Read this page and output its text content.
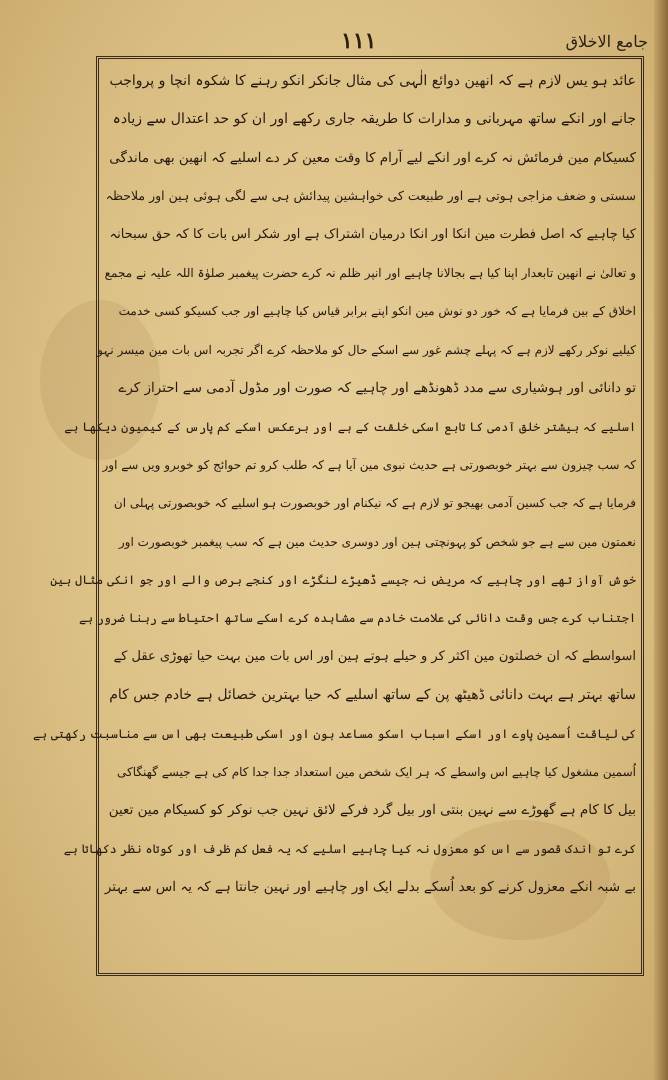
۱۱۱	جامع الاخلاق
عائد ہو یس لازم ہے کہ انھین دوائع الٰہی کی مثال جانکر انکو رہنے کا شکوہ انچا و پرواجب
جانے اور انکے ساتھ مہربانی و مدارات کا طریقہ جاری رکھے اور ان کو حد اعتدال سے زیادہ
کسیکام مین فرمائش نہ کرے اور انکے لیے آرام کا وقت معین کر دے اسلیے کہ انھین بھی ماندگی
سستی و ضعف مزاجی ہوتی ہے اور طبیعت کی خواہشین پیدائش ہی سے لگی ہوئی ہین اور ملاحظہ
کیا چاہیے کہ اصل فطرت مین انکا اور انکا درمیان اشتراک ہے اور شکر اس بات کا کہ حق سبحانہ
و تعالیٰ نے انھین تابعدار اپنا کیا ہے بجالانا چاہیے اور انپر ظلم نہ کرے حضرت پیغمبر صلوٰۃ اللہ علیہ نے مجمع
اخلاق کے بین فرمایا ہے کہ خور دو نوش مین انکو اپنے برابر قیاس کیا چاہیے اور جب کسیکو کسی خدمت
کیلیے نوکر رکھے لازم ہے کہ پہلے چشم غور سے اسکے حال کو ملاحظہ کرے اگر تجربہ اس بات مین میسر نہو
تو دانائی اور ہوشیاری سے مدد ڈھونڈھے اور چاہیے کہ صورت اور مڈول آدمی سے احتراز کرے
اسلیے کہ بیشتر خلق آدمی کا تابع اسکی خلقت کے ہے اور برعکس اسکے کم پارس کے کیمیون دیکھا ہے
کہ سب چیزون سے بہتر خوبصورتی ہے حدیث نبوی مین آیا ہے کہ طلب کرو تم حوائج کو خوبرو ویں سے اور
فرمایا ہے کہ جب کسین آدمی بھیجو تو لازم ہے کہ نیکنام اور خوبصورت ہو اسلیے کہ خوبصورتی پہلی ان
نعمتون مین سے ہے جو شخص کو پہونچتی ہین اور دوسری حدیث مین ہے کہ سب پیغمبر خوبصورت اور
خوش آواز تھے اور چاہیے کہ مریض نہ جیسے ڈھیڑے لنگڑے اور کنجے برص والے اور جو انکی مثال ہین
اجتناب کرے جس وقت دانائی کی علامت خادم سے مشاہدہ کرے اسکے ساتھ احتیاط سے رہنا ضرور ہے
اسواسطے کہ ان خصلتون مین اکثر کر و حیلے ہوتے ہین اور اس بات مین بہت حیا تھوڑی عقل کے
ساتھ بہتر ہے بہت دانائی ڈھیٹھ پن کے ساتھ اسلیے کہ حیا بہترین خصائل ہے خادم جس کام
کی لیاقت اُسمین پاوے اور اسکے اسباب اسکو مساعد ہون اور اسکی طبیعت بھی اس سے مناسبت رکھتی ہے
اُسمین مشغول کیا چاہیے اس واسطے کہ ہر ایک شخص مین استعداد جدا جدا کام کی ہے جیسے گھنگاکی
بیل کا کام ہے گھوڑے سے نہین بنتی اور بیل گرد فرکے لائق نہین جب نوکر کو کسیکام مین تعین
کرے تو اندک قصور سے اس کو معزول نہ کیا چاہیے اسلیے کہ یہ فعل کم ظرف اور کوتاہ نظر دکھاتا ہے
بے شبہ انکے معزول کرنے کو بعد اُسکے بدلے ایک اور چاہیے اور نہین جانتا ہے کہ یہ اس سے بہتر
